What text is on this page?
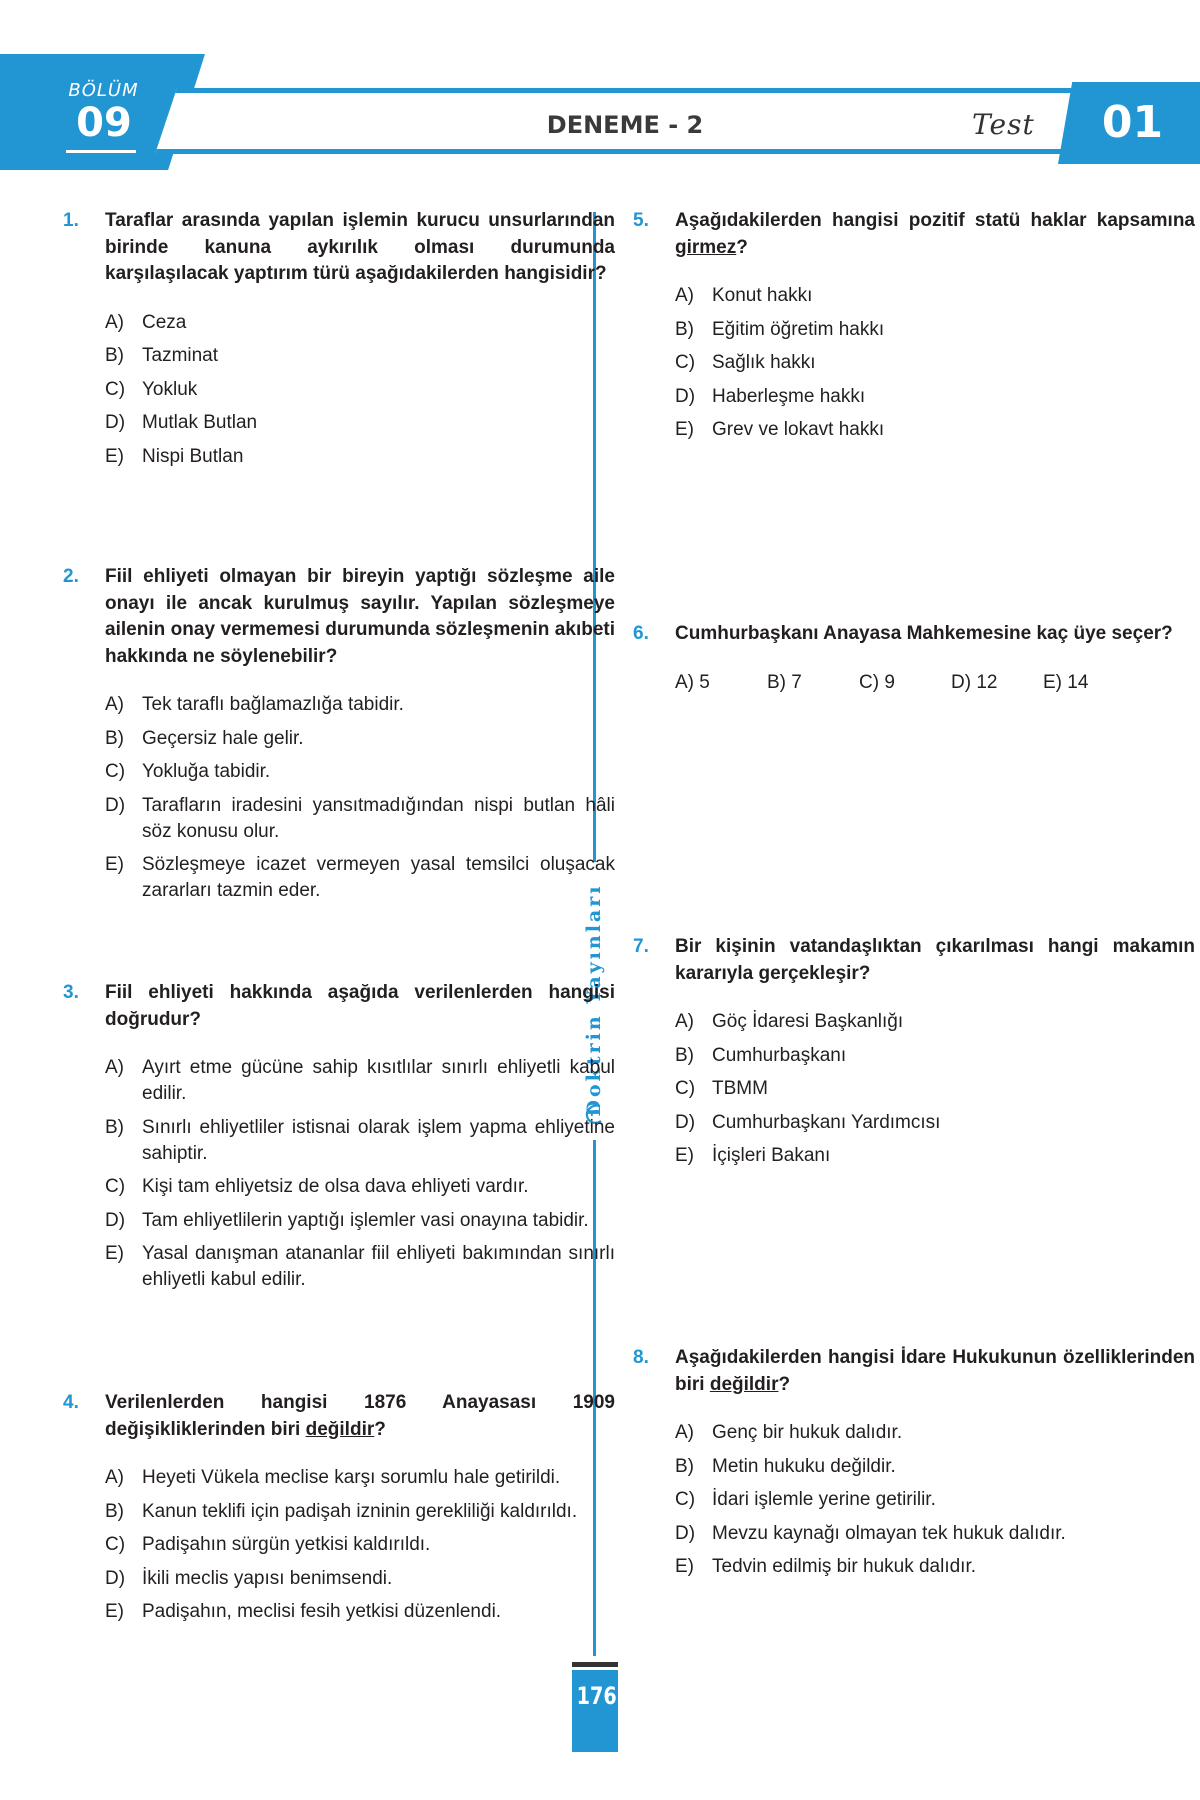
BÖLÜM
09	DENEME - 2	Test	01
Doktrin Yayınları
176
1.	Taraflar arasında yapılan işlemin kurucu unsurlarından birinde kanuna aykırılık olması durumunda karşılaşılacak yaptırım türü aşağıdakilerden hangisidir?
A) Ceza
B) Tazminat
C) Yokluk
D) Mutlak Butlan
E) Nispi Butlan
2.	Fiil ehliyeti olmayan bir bireyin yaptığı sözleşme aile onayı ile ancak kurulmuş sayılır. Yapılan sözleşmeye ailenin onay vermemesi durumunda sözleşmenin akıbeti hakkında ne söylenebilir?
A) Tek taraflı bağlamazlığa tabidir.
B) Geçersiz hale gelir.
C) Yokluğa tabidir.
D) Tarafların iradesini yansıtmadığından nispi butlan hâli söz konusu olur.
E) Sözleşmeye icazet vermeyen yasal temsilci oluşacak zararları tazmin eder.
3.	Fiil ehliyeti hakkında aşağıda verilenlerden hangisi doğrudur?
A) Ayırt etme gücüne sahip kısıtlılar sınırlı ehliyetli kabul edilir.
B) Sınırlı ehliyetliler istisnai olarak işlem yapma ehliyetine sahiptir.
C) Kişi tam ehliyetsiz de olsa dava ehliyeti vardır.
D) Tam ehliyetlilerin yaptığı işlemler vasi onayına tabidir.
E) Yasal danışman atananlar fiil ehliyeti bakımından sınırlı ehliyetli kabul edilir.
4.	Verilenlerden hangisi 1876 Anayasası 1909 değişikliklerinden biri değildir?
A) Heyeti Vükela meclise karşı sorumlu hale getirildi.
B) Kanun teklifi için padişah izninin gerekliliği kaldırıldı.
C) Padişahın sürgün yetkisi kaldırıldı.
D) İkili meclis yapısı benimsendi.
E) Padişahın, meclisi fesih yetkisi düzenlendi.
5.	Aşağıdakilerden hangisi pozitif statü haklar kapsamına girmez?
A) Konut hakkı
B) Eğitim öğretim hakkı
C) Sağlık hakkı
D) Haberleşme hakkı
E) Grev ve lokavt hakkı
6.	Cumhurbaşkanı Anayasa Mahkemesine kaç üye seçer?
A) 5	B) 7	C) 9	D) 12	E) 14
7.	Bir kişinin vatandaşlıktan çıkarılması hangi makamın kararıyla gerçekleşir?
A) Göç İdaresi Başkanlığı
B) Cumhurbaşkanı
C) TBMM
D) Cumhurbaşkanı Yardımcısı
E) İçişleri Bakanı
8.	Aşağıdakilerden hangisi İdare Hukukunun özelliklerinden biri değildir?
A) Genç bir hukuk dalıdır.
B) Metin hukuku değildir.
C) İdari işlemle yerine getirilir.
D) Mevzu kaynağı olmayan tek hukuk dalıdır.
E) Tedvin edilmiş bir hukuk dalıdır.
